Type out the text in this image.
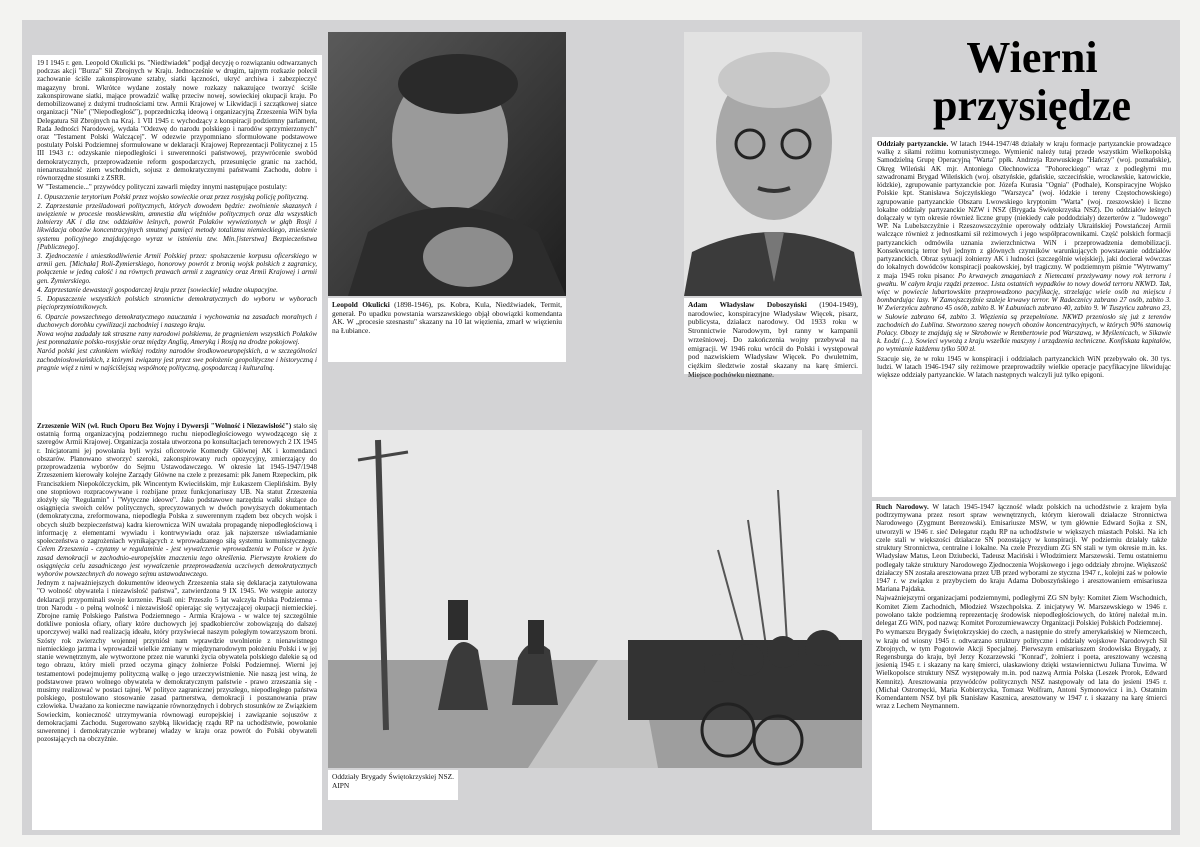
19 I 1945 r. gen. Leopold Okulicki ps. "Niedźwiadek" podjął decyzję o rozwiązaniu odtwarzanych podczas akcji "Burza" Sił Zbrojnych w Kraju. Jednocześnie w drugim, tajnym rozkazie polecił zachowanie ściśle zakonspirowane sztaby, siatki łączności, ukryć archiwa i zabezpieczyć magazyny broni. Wkrótce wydane zostały nowe rozkazy nakazujące tworzyć ściśle zakonspirowane siatki, mające prowadzić walkę przeciw nowej, sowieckiej okupacji kraju. Po demobilizowanej z dużymi trudnościami tzw. Armii Krajowej w Likwidacji i szczątkowej siatce organizacji "Nie" ("Niepodległość"), poprzedniczką ideową i organizacyjną Zrzeszenia WiN była Delegatura Sił Zbrojnych na Kraj. 1 VII 1945 r. wychodzący z konspiracji podziemny parlament, Rada Jedności Narodowej, wydała "Odezwę do narodu polskiego i narodów sprzymierzonych" oraz "Testament Polski Walczącej". W odezwie przypomniano sformułowane podstawowe postulaty Polski Podziemnej sformułowane w deklaracji Krajowej Reprezentacji Politycznej z 15 III 1943 r.: odzyskanie niepodległości i suwerenności państwowej, przywrócenie swobód demokratycznych, przeprowadzenie reform gospodarczych, przesunięcie granic na zachód, nienaruszalność ziem wschodnich, sojusz z demokratycznymi państwami Zachodu, dobre i równorzędne stosunki z ZSRR.

W "Testamencie..." przywódcy polityczni zawarli między innymi następujące postulaty:

1. Opuszczenie terytorium Polski przez wojsko sowieckie oraz przez rosyjską policję polityczną.

2. Zaprzestanie prześladowań politycznych, których dowodem będzie: zwolnienie skazanych i uwięzienie w procesie moskiewskim, amnestia dla więźniów politycznych oraz dla wszystkich żołnierzy AK i dla tzw. oddziałów leśnych, powrót Polaków wywiezionych w głąb Rosji i likwidacja obozów koncentracyjnych smutnej pamięci metody totalizmu niemieckiego, zniesienie systemu policyjnego znajdującego wyraz w istnieniu tzw. Min.[isterstwa] Bezpieczeństwa [Publicznego].

3. Zjednoczenie i unieszkodliwienie Armii Polskiej przez: spolszczenie korpusu oficerskiego w armii gen. [Michała] Roli-Żymierskiego, honorowy powrót z bronią wojsk polskich z zagranicy, połączenie w jedną całość i na równych prawach armii z zagranicy oraz Armii Krajowej i armii gen. Żymierskiego.

4. Zaprzestanie dewastacji gospodarczej kraju przez [sowieckie] władze okupacyjne.

5. Dopuszczenie wszystkich polskich stronnictw demokratycznych do wyboru w wyborach pięcioprzymiotnikowych.

6. Oparcie powszechnego demokratycznego nauczania i wychowania na zasadach moralnych i duchowych dorobku cywilizacji zachodniej i naszego kraju.

Nowa wojna zadadały tak straszne rany narodowi polskiemu, że pragnieniem wszystkich Polaków jest pomnażanie polsko-rosyjskie oraz między Anglią, Ameryką i Rosją na drodze pokojowej.

Naród polski jest członkiem wielkiej rodziny narodów środkowoeuropejskich, a w szczególności zachodniosłowiańskich, z którymi związany jest przez swe położenie geopolityczne i historyczną i pragnie więź z nimi w najściślejszą współnotę polityczną, gospodarczą i kulturalną.

Zrzeszenie WiN (wł. Ruch Oporu Bez Wojny i Dywersji "Wolność i Niezawisłość") stało się ostatnią formą organizacyjną podziemnego ruchu niepodległościowego wywodzącego się z szeregów Armii Krajowej. Organizacja została utworzona po konsultacjach terenowych 2 IX 1945 r. Inicjatorami jej powołania byli wyżsi oficerowie Komendy Głównej AK i komendanci obszarów. Planowano stworzyć szeroki, zakonspirowany ruch opozycyjny, zmierzający do przeprowadzenia wyborów do Sejmu Ustawodawczego. W okresie lat 1945-1947/1948 Zrzeszeniem kierowały kolejne Zarządy Główne na czele z prezesami: płk Janem Rzepeckim, płk Franciszkiem Niepokólczyckim, płk Wincentym Kwiecińskim, mjr Łukaszem Cieplińskim. Były one stopniowo rozpracowywane i rozbijane przez funkcjonariuszy UB. Na statut Zrzeszenia złożyły się "Regulamin" i "Wytyczne ideowe". Jako podstawowe narzędzia walki służące do osiągnięcia swoich celów politycznych, sprecyzowanych w dwóch powyższych dokumentach (demokratyczna, zreformowana, niepodległa Polska z suwerennym rządem bez obcych wojsk i obcych służb bezpieczeństwa) kadra kierownicza WiN uważała propagandę niepodległościową i informację z elementami wywiadu i kontrwywiadu oraz jak najszersze uświadamianie społeczeństwa o zagrożeniach wynikających z wprowadzanego siłą systemu komunistycznego. Celem Zrzeszenia - czytamy w regulaminie - jest wywalczenie wprowadzenia w Polsce w życie zasad demokracji w zachodnio-europejskim znaczeniu tego określenia. Pierwszym krokiem do osiągnięcia celu zasadniczego jest wywalczenie przeprowadzenia uczciwych demokratycznych wyborów powszechnych do nowego sejmu ustawodawczego.

Jednym z najważniejszych dokumentów ideowych Zrzeszenia stała się deklaracja zatytułowana "O wolność obywatela i niezawisłość państwa", zatwierdzona 9 IX 1945. We wstępie autorzy deklaracji przypominali swoje korzenie. Pisali oni: Przeszło 5 lat walczyła Polska Podziemna - tron Narodu - o pełną wolność i niezawisłość opierając się wytyczającej okupacji niemieckiej. Zbrojne ramię Polskiego Państwa Podziemnego - Armia Krajowa - w walce tej szczególnie dotkliwe poniosła ofiary, ofiary które duchowych jej spadkobierców zobowiązują do dalszej uporczywej walki nad realizacją ideału, który przyświecał naszym poległym towarzyszom broni. Szósty rok zwierzchy wojennej przyniósł nam wprawdzie uwolnienie z nienawistnego niemieckiego jarzma i wprowadził wielkie zmiany w międzynarodowym położeniu Polski i w jej stanie wewnętrznym, ale wytworzone przez nie warunki życia obywatela polskiego dalekie są od tego obrazu, który mieli przed oczyma ginący żołnierze Polski Podziemnej. Wierni jej testamentowi podejmujemy polityczną walkę o jego urzeczywistnienie. Nie naszą jest winą, że podstawowe prawo wolnego obywatela w demokratycznym państwie - prawo zrzeszania się - musimy realizować w postaci tajnej. W polityce zagranicznej przyszłego, niepodległego państwa polskiego, postulowano stosowanie zasad partnerstwa, demokracji i poszanowania praw człowieka. Uważano za konieczne nawiązanie równorzędnych i dobrych stosunków ze Związkiem Sowieckim, konieczność utrzymywania równowagi europejskiej i zawiązanie sojuszów z demokracjami Zachodu. Sugerowano szybką likwidację rządu RP na uchodźstwie, powołanie suwerennej i demokratycznie wybranej władzy w kraju oraz powrót do Polski obywateli pozostających na obczyźnie.

Leopold Okulicki (1898-1946), ps. Kobra, Kula, Niedźwiadek, Termit, generał. Po upadku powstania warszawskiego objął obowiązki komendanta AK. W „procesie szesnastu" skazany na 10 lat więzienia, zmarł w więzieniu na Łubiance.
Adam Władysław Doboszyński (1904-1949), narodowiec, konspiracyjne Władysław Więcek, pisarz, publicysta, działacz narodowy. Od 1933 roku w Stronnictwie Narodowym, był ranny w kampanii wrześniowej. Do zakończenia wojny przebywał na emigracji. W 1946 roku wrócił do Polski i występował pod nazwiskiem Władysław Więcek. Po dwuletnim, ciężkim śledztwie został skazany na karę śmierci. Miejsce pochówku nieznane.
Wierni
przysiędze

Oddziały partyzanckie. W latach 1944-1947/48 działały w kraju formacje partyzanckie prowadzące walkę z siłami reżimu komunistycznego. Wymienić należy tutaj przede wszystkim Wielkopolską Samodzielną Grupę Operacyjną "Warta" ppłk. Andrzeja Rzewuskiego "Hańczy" (woj. poznańskie), Okręg Wileński AK mjr. Antoniego Olechnowicza "Pohoreckiego" wraz z podległymi mu szwadronami Brygad Wileńskich (woj. olsztyńskie, gdańskie, szczecińskie, wrocławskie, katowickie, łódzkie), zgrupowanie partyzanckie por. Józefa Kurasia "Ognia" (Podhale), Konspiracyjne Wojsko Polskie kpt. Stanisława Sojczyńskiego "Warszyca" (woj. łódzkie i tereny Częstochowskiego) zgrupowanie partyzanckie Obszaru Lwowskiego kryptonim "Warta" (woj. rzeszowskie) i liczne lokalne oddziały partyzanckie NZW i NSZ (Brygada Świętokrzyska NSZ). Do oddziałów leśnych dołączały w tym okresie również liczne grupy (niekiedy całe poddodziały) dezerterów z "ludowego" WP. Na Lubelszczyźnie i Rzeszowszczyźnie operowały oddziały Ukraińskiej Powstańczej Armii walczące również z jednostkami sił reżimowych i jego współpracownikami. Część polskich formacji partyzanckich odmówiła uznania zwierzchnictwa WiN i przeprowadzenia demobilizacji. Konsekwencją terror był jednym z głównych czynników warunkujących powstawanie oddziałów partyzanckich. Obraz sytuacji żołnierzy AK i ludności (szczególnie wiejskiej), jaki docierał wówczas do lokalnych dowódców konspiracji poakowskiej, był tragiczny. W podziemnym piśmie "Wytrwamy" z maja 1945 roku pisano: Po krwawych zmaganiach z Niemcami przeżywamy nowy rok terroru i gwałtu. W całym kraju rządzi przemoc. Lista ostatnich wypadków to nowy dowód terroru NKWD. Tak, więc w powiecie lubartowskim przeprowadzono pacyfikację, strzelając wiele osób na miejscu i bombardując lasy. W Zamojszczyźnie szaleje krwawy terror. W Radecznicy zabrano 27 osób, zabito 3. W Zwierzyńcu zabrano 45 osób, zabito 8. W Łabuniach zabrano 40, zabito 9. W Tuszyńcu zabrano 23, w Sułowie zabrano 64, zabito 3. Więzienia są przepełnione. NKWD przeniosło się już z terenów zachodnich do Lublina. Stworzono szereg nowych obozów koncentracyjnych, w których 90% stanowią Polacy. Obozy te znajdują się w Skrobowie w Rembertowie pod Warszawą, w Myślenicach, w Sikawie k. Łodzi (...). Sowieci wywożą z kraju wszelkie maszyny i urządzenia techniczne. Konfiskata kapitałów, po wymianie każdemu tylko 500 zł.

Szacuje się, że w roku 1945 w konspiracji i oddziałach partyzanckich WiN przebywało ok. 30 tys. ludzi. W latach 1946-1947 siły reżimowe przeprowadziły wielkie operacje pacyfikacyjne likwidując większe oddziały partyzanckie. W latach następnych walczyli już tylko epigoni.

Ruch Narodowy. W latach 1945-1947 łączność władz polskich na uchodźstwie z krajem była podtrzymywana przez resort spraw wewnętrznych, którym kierowali działacze Stronnictwa Narodowego (Zygmunt Berezowski). Emisariusze MSW, w tym głównie Edward Sojka z SN, utworzyli w 1946 r. sieć Delegatur rządu RP na uchodźstwie w większych miastach Polski. Na ich czele stali w większości działacze SN pozostający w konspiracji. W podziemiu działały także struktury Stronnictwa, centralne i lokalne. Na czele Prezydium ZG SN stali w tym okresie m.in. ks. Władysław Matus, Leon Dziubecki, Tadeusz Maciński i Włodzimierz Marszewski. Temu ostatniemu podlegały także struktury Narodowego Zjednoczenia Wojskowego i jego oddziały zbrojne. Większość działaczy SN została aresztowana przez UB przed wyborami ze styczna 1947 r., kolejni zaś w połowie 1947 r. w związku z przybyciem do kraju Adama Doboszyńskiego i aresztowaniem emisariusza Mariana Pajdaka.

Najważniejszymi organizacjami podziemnymi, podległymi ZG SN były: Komitet Ziem Wschodnich, Komitet Ziem Zachodnich, Młodzież Wszechpolska. Z inicjatywy W. Marszewskiego w 1946 r. powołano także podziemną reprezentację środowisk niepodległościowych, do której należał m.in. delegat ZG WiN, pod nazwą: Komitet Porozumiewawczy Organizacji Polskiej Polskich Podziemnej.

Po wymarszu Brygady Świętokrzyskiej do czech, a następnie do strefy amerykańskiej w Niemczech, w kraju od wiosny 1945 r. odtwarzano struktury polityczne i oddziały wojskowe Narodowych Sił Zbrojnych, w tym Pogotowie Akcji Specjalnej. Pierwszym emisariuszem środowiska Brygady, z Regensburga do kraju, był Jerzy Kozarzewski "Konrad", żołnierz i poeta, aresztowany wczesną jesienią 1945 r. i skazany na karę śmierci, ułaskawiony dzięki wstawiennictwu Juliana Tuwima. W Wielkopolsce struktury NSZ występowały m.in. pod nazwą Armia Polska (Leszek Prorok, Edward Kemnitz). Aresztowania przywódców politycznych NSZ następowały od lata do jesieni 1945 r. (Michał Ostromęcki, Maria Kobierzycka, Tomasz Wolfram, Antoni Symonowicz i in.). Ostatnim Komendantem NSZ był płk Stanisław Kasznica, aresztowany w 1947 r. i skazany na karę śmierci wraz z Lechem Neymannem.

Oddziały Brygady Świętokrzyskiej NSZ. AIPN
